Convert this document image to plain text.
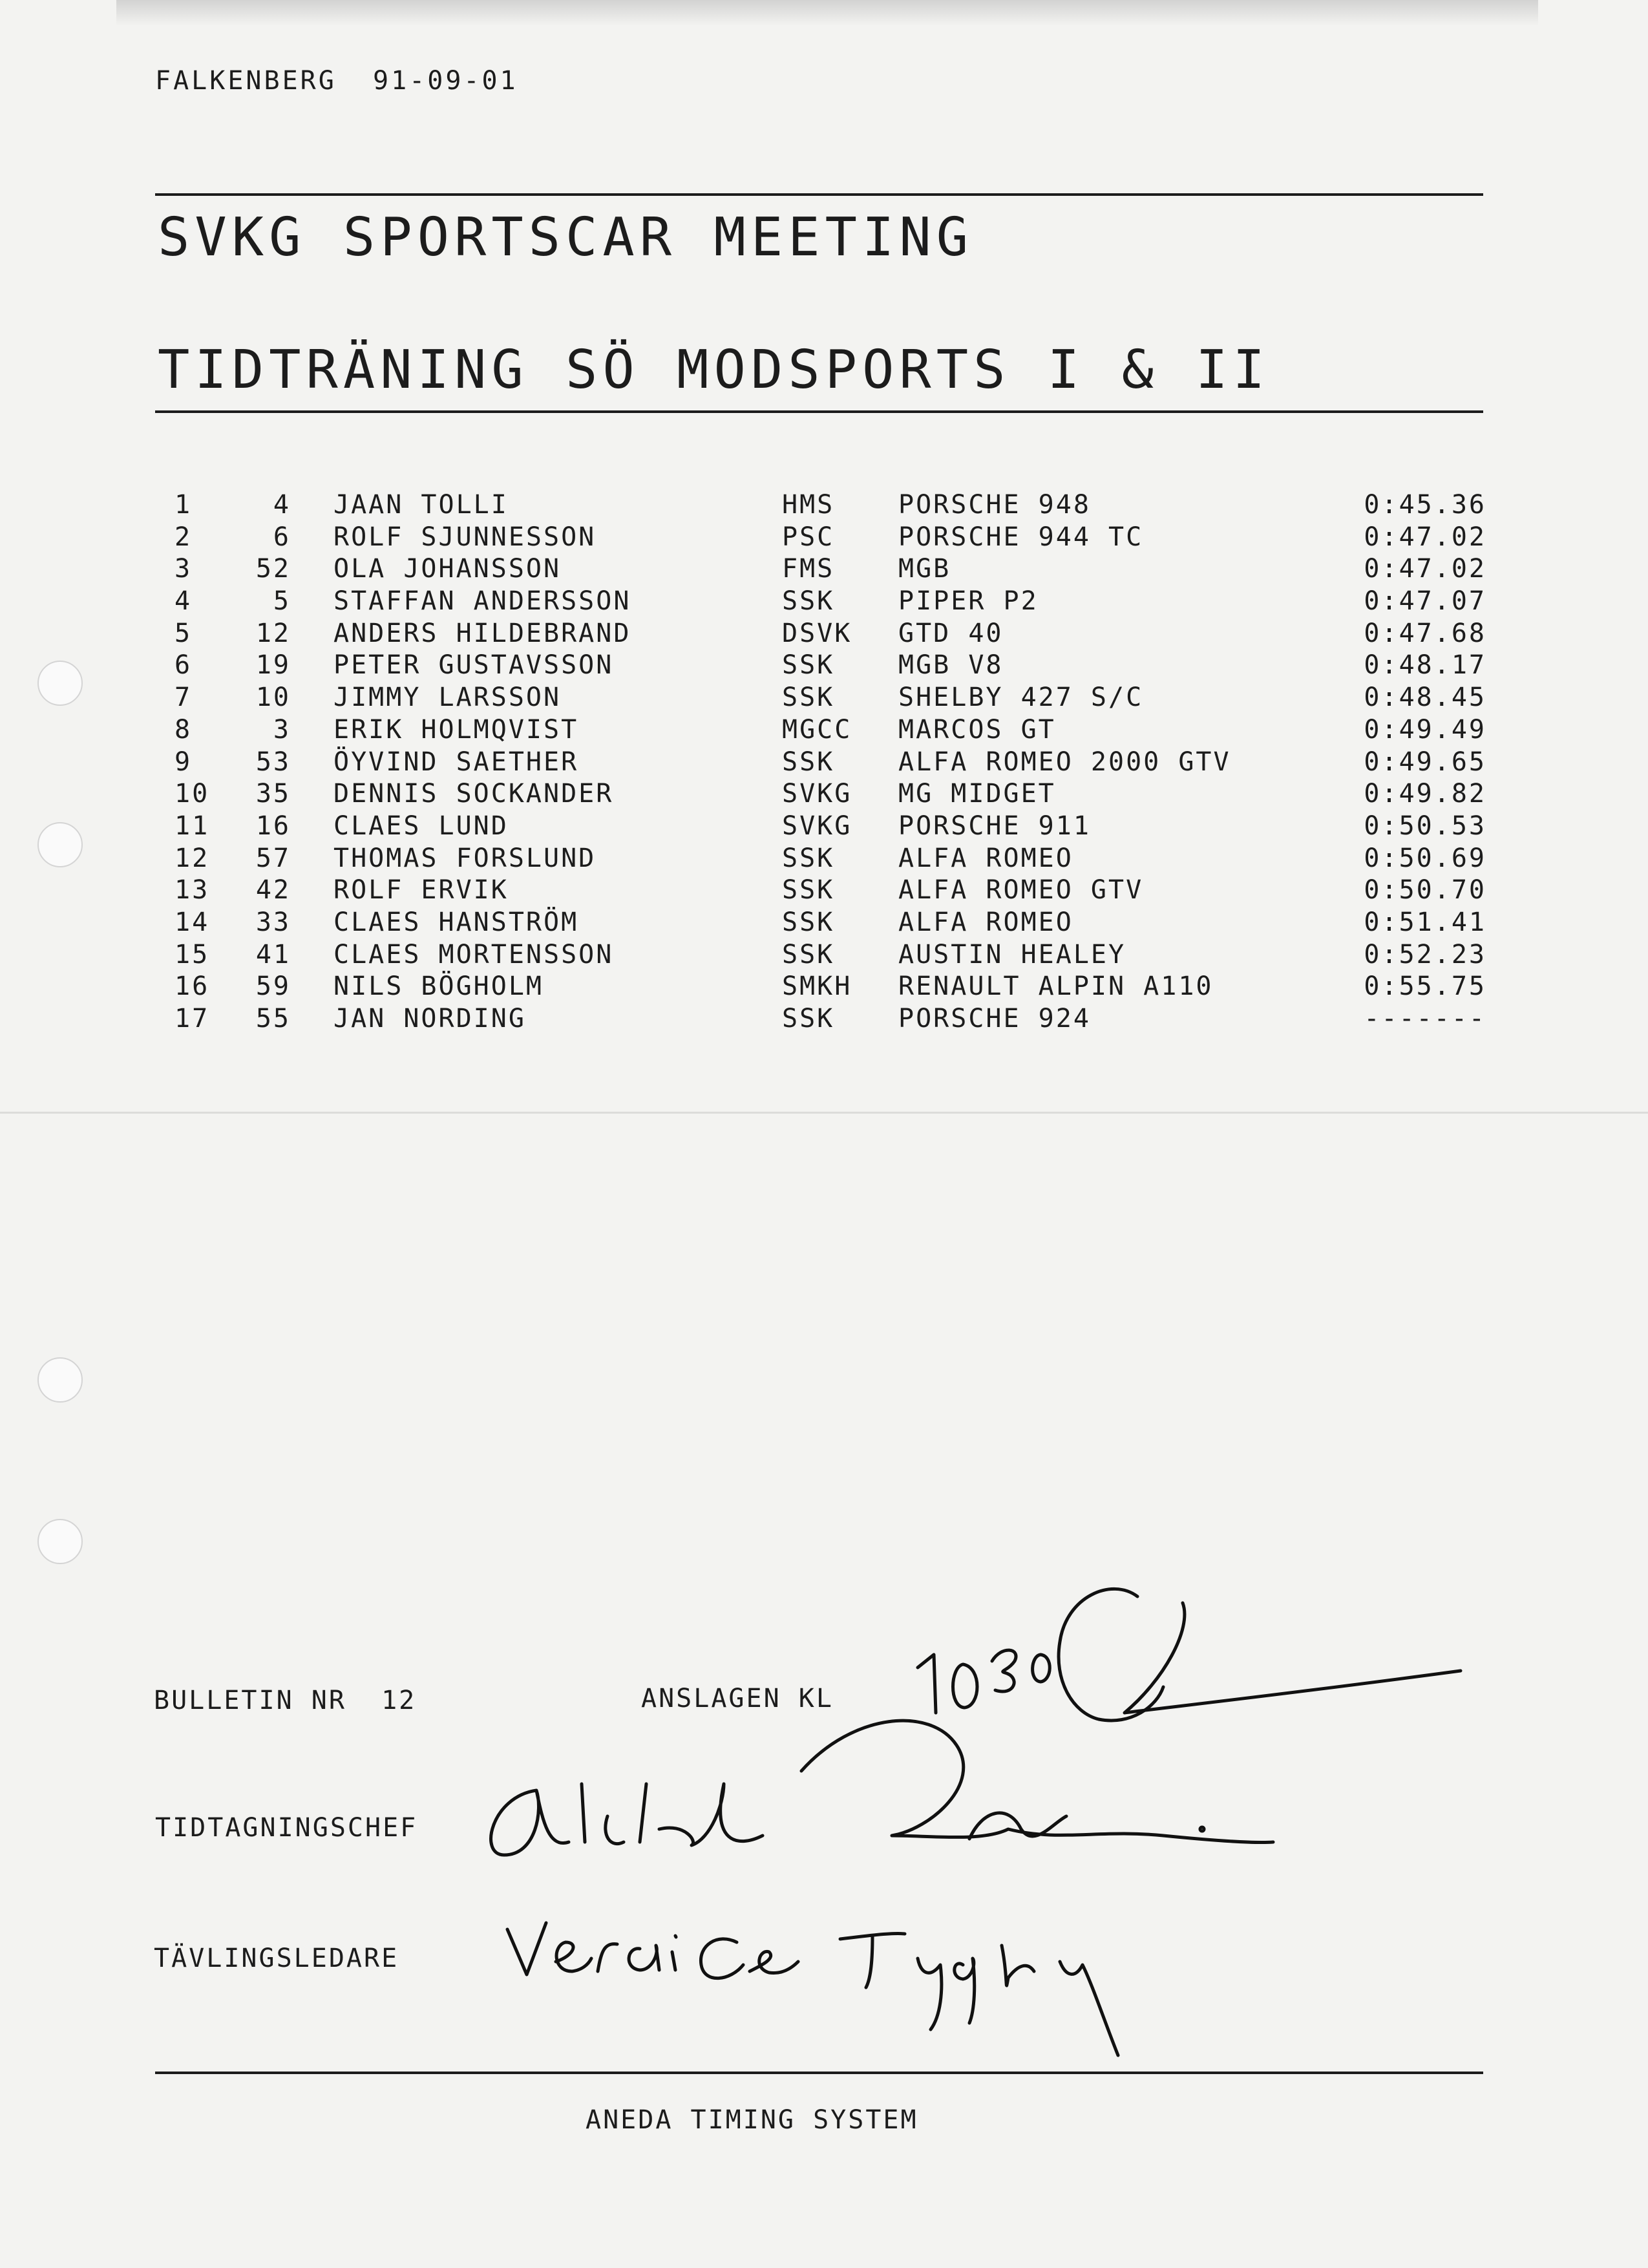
FALKENBERG  91-09-01
SVKG SPORTSCAR MEETING
TIDTRÄNING SÖ MODSPORTS I & II
1	4 JAAN TOLLI	HMS PORSCHE 948	0:45.36
2	6 ROLF SJUNNESSON	PSC PORSCHE 944 TC	0:47.02
3	52 OLA JOHANSSON	FMS MGB	0:47.02
4	5 STAFFAN ANDERSSON	SSK PIPER P2	0:47.07
5	12 ANDERS HILDEBRAND	DSVK GTD 40	0:47.68
6	19 PETER GUSTAVSSON	SSK MGB V8	0:48.17
7	10 JIMMY LARSSON	SSK SHELBY 427 S/C	0:48.45
8	3 ERIK HOLMQVIST	MGCC MARCOS GT	0:49.49
9	53 ÖYVIND SAETHER	SSK ALFA ROMEO 2000 GTV	0:49.65
10	35 DENNIS SOCKANDER	SVKG MG MIDGET	0:49.82
11	16 CLAES LUND	SVKG PORSCHE 911	0:50.53
12	57 THOMAS FORSLUND	SSK ALFA ROMEO	0:50.69
13	42 ROLF ERVIK	SSK ALFA ROMEO GTV	0:50.70
14	33 CLAES HANSTRÖM	SSK ALFA ROMEO	0:51.41
15	41 CLAES MORTENSSON	SSK AUSTIN HEALEY	0:52.23
16	59 NILS BÖGHOLM	SMKH RENAULT ALPIN A110	0:55.75
17	55 JAN NORDING	SSK PORSCHE 924	-------
BULLETIN NR  12	ANSLAGEN KL
TIDTAGNINGSCHEF
TÄVLINGSLEDARE
ANEDA TIMING SYSTEM
